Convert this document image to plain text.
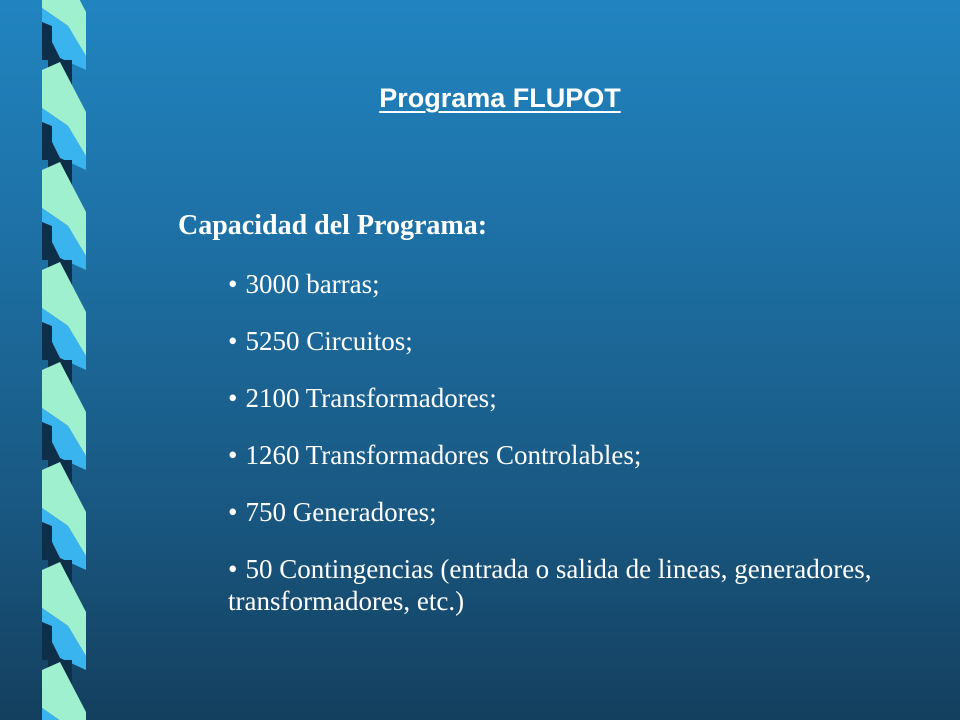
Programa FLUPOT
Capacidad del Programa:
• 3000 barras;
• 5250 Circuitos;
• 2100 Transformadores;
• 1260 Transformadores Controlables;
• 750 Generadores;
• 50 Contingencias (entrada o salida de lineas, generadores, transformadores, etc.)
